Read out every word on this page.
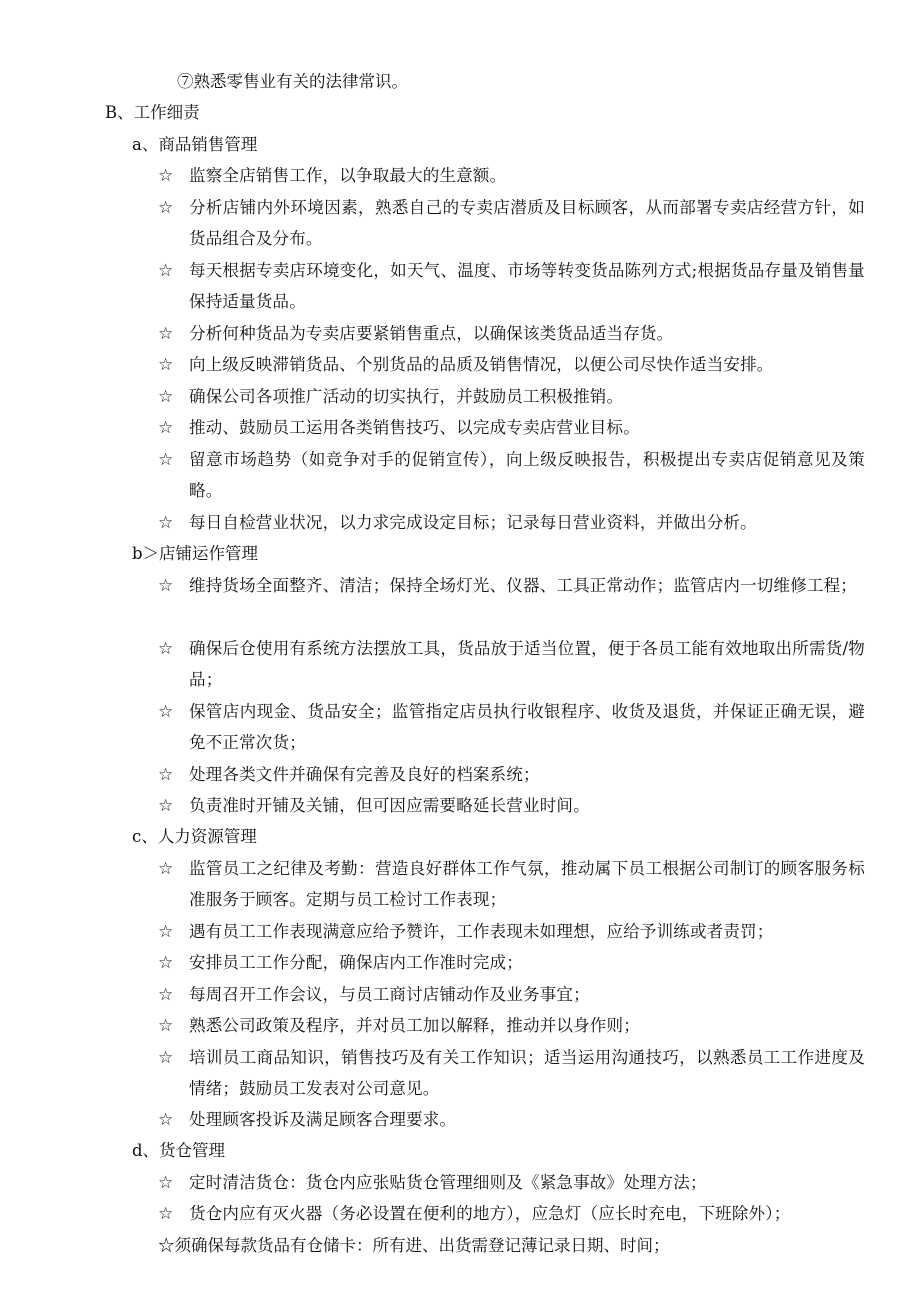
⑦熟悉零售业有关的法律常识。
B、工作细责
a、商品销售管理
☆ 监察全店销售工作，以争取最大的生意额。
☆ 分析店铺内外环境因素，熟悉自己的专卖店潜质及目标顾客，从而部署专卖店经营方针，如货品组合及分布。
☆ 每天根据专卖店环境变化，如天气、温度、市场等转变货品陈列方式;根据货品存量及销售量保持适量货品。
☆ 分析何种货品为专卖店要紧销售重点，以确保该类货品适当存货。
☆ 向上级反映滞销货品、个别货品的品质及销售情况，以便公司尽快作适当安排。
☆ 确保公司各项推广活动的切实执行，并鼓励员工积极推销。
☆ 推动、鼓励员工运用各类销售技巧、以完成专卖店营业目标。
☆ 留意市场趋势（如竞争对手的促销宣传），向上级反映报告，积极提出专卖店促销意见及策略。
☆ 每日自检营业状况，以力求完成设定目标；记录每日营业资料，并做出分析。
b＞店铺运作管理
☆ 维持货场全面整齐、清洁；保持全场灯光、仪器、工具正常动作；监管店内一切维修工程；
☆ 确保后仓使用有系统方法摆放工具，货品放于适当位置，便于各员工能有效地取出所需货/物品；
☆ 保管店内现金、货品安全；监管指定店员执行收银程序、收货及退货，并保证正确无误，避免不正常次货；
☆ 处理各类文件并确保有完善及良好的档案系统；
☆ 负责准时开铺及关铺，但可因应需要略延长营业时间。
c、人力资源管理
☆ 监管员工之纪律及考勤：营造良好群体工作气氛，推动属下员工根据公司制订的顾客服务标准服务于顾客。定期与员工检讨工作表现；
☆ 遇有员工工作表现满意应给予赞许，工作表现未如理想，应给予训练或者责罚；
☆ 安排员工工作分配，确保店内工作准时完成；
☆ 每周召开工作会议，与员工商讨店铺动作及业务事宜；
☆ 熟悉公司政策及程序，并对员工加以解释，推动并以身作则；
☆ 培训员工商品知识，销售技巧及有关工作知识；适当运用沟通技巧，以熟悉员工工作进度及情绪；鼓励员工发表对公司意见。
☆ 处理顾客投诉及满足顾客合理要求。
d、货仓管理
☆ 定时清洁货仓：货仓内应张贴货仓管理细则及《紧急事故》处理方法；
☆ 货仓内应有灭火器（务必设置在便利的地方），应急灯（应长时充电，下班除外）；
☆须确保每款货品有仓储卡：所有进、出货需登记薄记录日期、时间；
